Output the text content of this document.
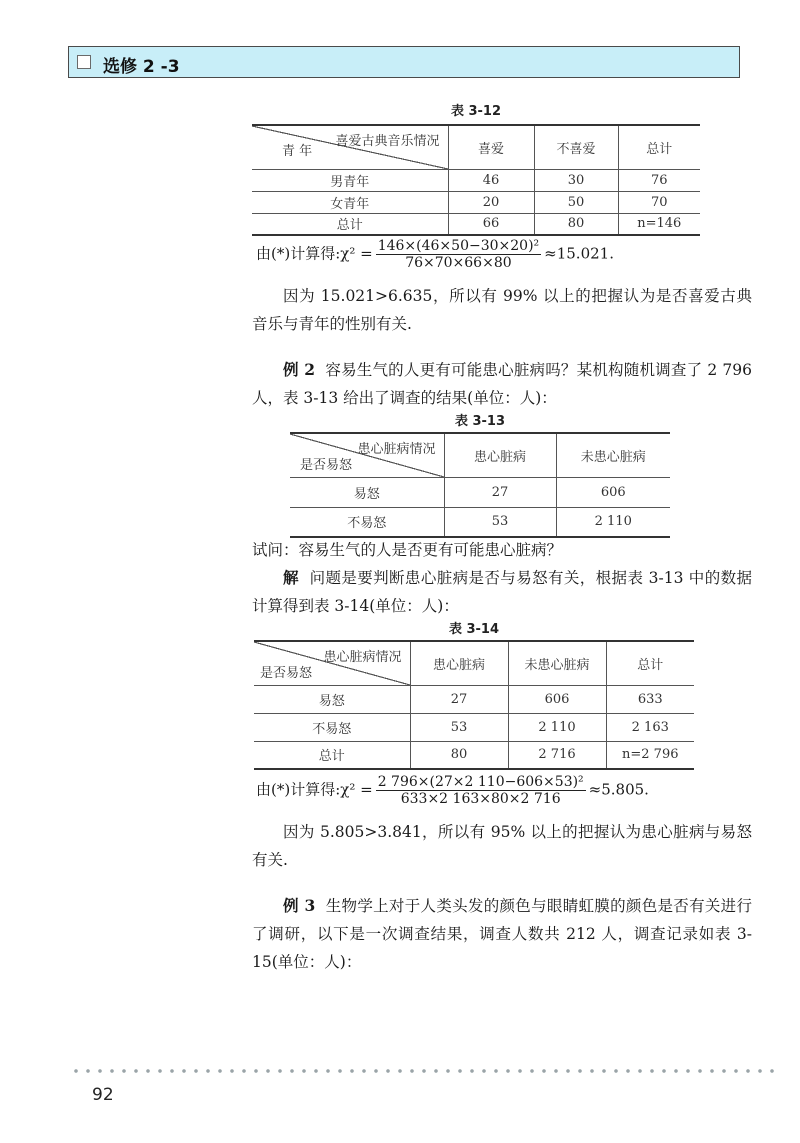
选修 2 -3
表 3-12
喜爱古典音乐情况
青 年	喜爱	不喜爱	总计
男青年	46	30	76
女青年	20	50	70
总计	66	80	n=146
由(*)计算得:χ² = $\frac{\text{146×(46×50−30×20)²}}{76\times 70\times 66\times 80} \approx 15.021$.
因为 15.021>6.635，所以有 99% 以上的把握认为是否喜爱古典音乐与青年的性别有关.
例 2 容易生气的人更有可能患心脏病吗？某机构随机调查了 2 796 人，表 3-13 给出了调查的结果(单位：人)：
表 3-13
患心脏病情况
是否易怒	患心脏病	未患心脏病
易怒	27	606
不易怒	53	2 110
试问：容易生气的人是否更有可能患心脏病？
解 问题是要判断患心脏病是否与易怒有关，根据表 3-13 中的数据计算得到表 3-14(单位：人)：
表 3-14
患心脏病情况
是否易怒	患心脏病	未患心脏病	总计
易怒	27	606	633
不易怒	53	2 110	2 163
总计	80	2 716	n=2 796
由(*)计算得:χ² = $\frac{\text{2 796×(27×2 110−606×53)²}}{633\times 2 163\times 80\times 2 716} \approx 5.805$.
因为 5.805>3.841，所以有 95% 以上的把握认为患心脏病与易怒有关.
例 3 生物学上对于人类头发的颜色与眼睛虹膜的颜色是否有关进行了调研，以下是一次调查结果，调查人数共 212 人，调查记录如表 3-15(单位：人)：
92
